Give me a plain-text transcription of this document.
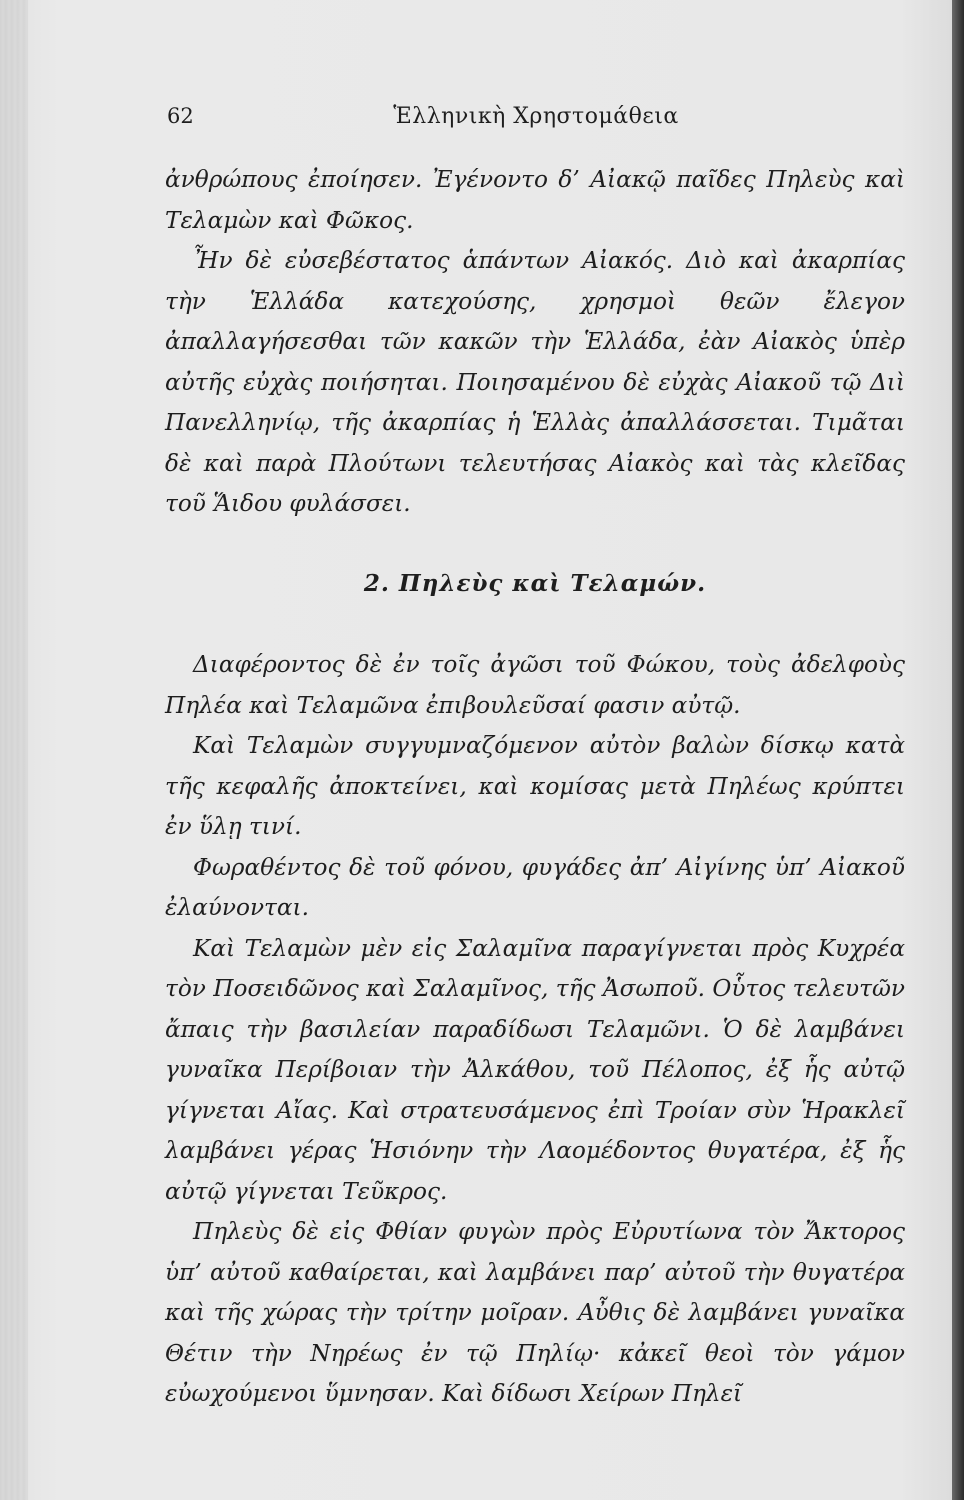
62	Ἑλληνικὴ Χρηστομάθεια

ἀνθρώπους ἐποίησεν. Ἐγένοντο δ’ Αἰακῷ παῖδες Πηλεὺς καὶ Τελαμὼν καὶ Φῶκος.

Ἦν δὲ εὐσεβέστατος ἁπάντων Αἰακός. Διὸ καὶ ἀκαρπίας τὴν Ἑλλάδα κατεχούσης, χρησμοὶ θεῶν ἔλεγον ἀπαλλαγήσεσθαι τῶν κακῶν τὴν Ἑλλάδα, ἐὰν Αἰακὸς ὑπὲρ αὐτῆς εὐχὰς ποιήσηται. Ποιησαμένου δὲ εὐχὰς Αἰακοῦ τῷ Διὶ Πανελληνίῳ, τῆς ἀκαρπίας ἡ Ἑλλὰς ἀπαλλάσσεται. Τιμᾶται δὲ καὶ παρὰ Πλούτωνι τελευτήσας Αἰακὸς καὶ τὰς κλεῖδας τοῦ Ἅιδου φυλάσσει.

2. Πηλεὺς καὶ Τελαμών.

Διαφέροντος δὲ ἐν τοῖς ἀγῶσι τοῦ Φώκου, τοὺς ἀδελφοὺς Πηλέα καὶ Τελαμῶνα ἐπιβουλεῦσαί φασιν αὐτῷ.

Καὶ Τελαμὼν συγγυμναζόμενον αὐτὸν βαλὼν δίσκῳ κατὰ τῆς κεφαλῆς ἀποκτείνει, καὶ κομίσας μετὰ Πηλέως κρύπτει ἐν ὕλῃ τινί.

Φωραθέντος δὲ τοῦ φόνου, φυγάδες ἀπ’ Αἰγίνης ὑπ’ Αἰακοῦ ἐλαύνονται.

Καὶ Τελαμὼν μὲν εἰς Σαλαμῖνα παραγίγνεται πρὸς Κυχρέα τὸν Ποσειδῶνος καὶ Σαλαμῖνος, τῆς Ἀσωποῦ. Οὗτος τελευτῶν ἄπαις τὴν βασιλείαν παραδίδωσι Τελαμῶνι. Ὁ δὲ λαμβάνει γυναῖκα Περίβοιαν τὴν Ἀλκάθου, τοῦ Πέλοπος, ἐξ ἧς αὐτῷ γίγνεται Αἴας. Καὶ στρατευσάμενος ἐπὶ Τροίαν σὺν Ἡρακλεῖ λαμβάνει γέρας Ἡσιόνην τὴν Λαομέδοντος θυγατέρα, ἐξ ἧς αὐτῷ γίγνεται Τεῦκρος.

Πηλεὺς δὲ εἰς Φθίαν φυγὼν πρὸς Εὐρυτίωνα τὸν Ἄκτορος ὑπ’ αὐτοῦ καθαίρεται, καὶ λαμβάνει παρ’ αὐτοῦ τὴν θυγατέρα καὶ τῆς χώρας τὴν τρίτην μοῖραν. Αὖθις δὲ λαμβάνει γυναῖκα Θέτιν τὴν Νηρέως ἐν τῷ Πηλίῳ· κἀκεῖ θεοὶ τὸν γάμον εὐωχούμενοι ὕμνησαν. Καὶ δίδωσι Χείρων Πηλεῖ
